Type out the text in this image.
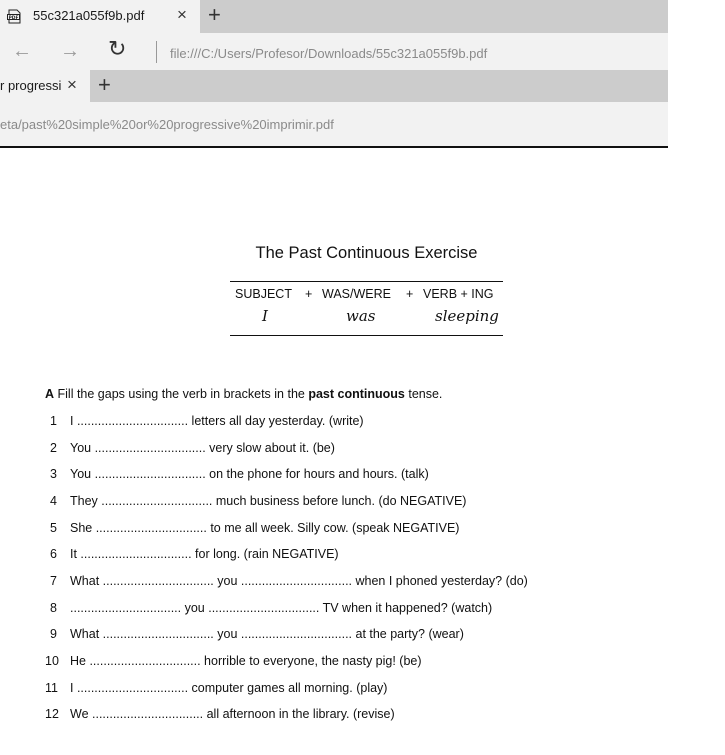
PDF 55c321a055f9b.pdf × +
← → ↻	file:///C:/Users/Profesor/Downloads/55c321a055f9b.pdf
r progressi × +
eta/past%20simple%20or%20progressive%20imprimir.pdf
The Past Continuous Exercise
SUBJECT + WAS/WERE + VERB + ING
I	was	sleeping
A Fill the gaps using the verb in brackets in the past continuous tense.
1 I ................................ letters all day yesterday. (write)
2 You ................................ very slow about it. (be)
3 You ................................ on the phone for hours and hours. (talk)
4 They ................................ much business before lunch. (do NEGATIVE)
5 She ................................ to me all week. Silly cow. (speak NEGATIVE)
6 It ................................ for long. (rain NEGATIVE)
7 What ................................ you ................................ when I phoned yesterday? (do)
8 ................................ you ................................ TV when it happened? (watch)
9 What ................................ you ................................ at the party? (wear)
10 He ................................ horrible to everyone, the nasty pig! (be)
11 I ................................ computer games all morning. (play)
12 We ................................ all afternoon in the library. (revise)
